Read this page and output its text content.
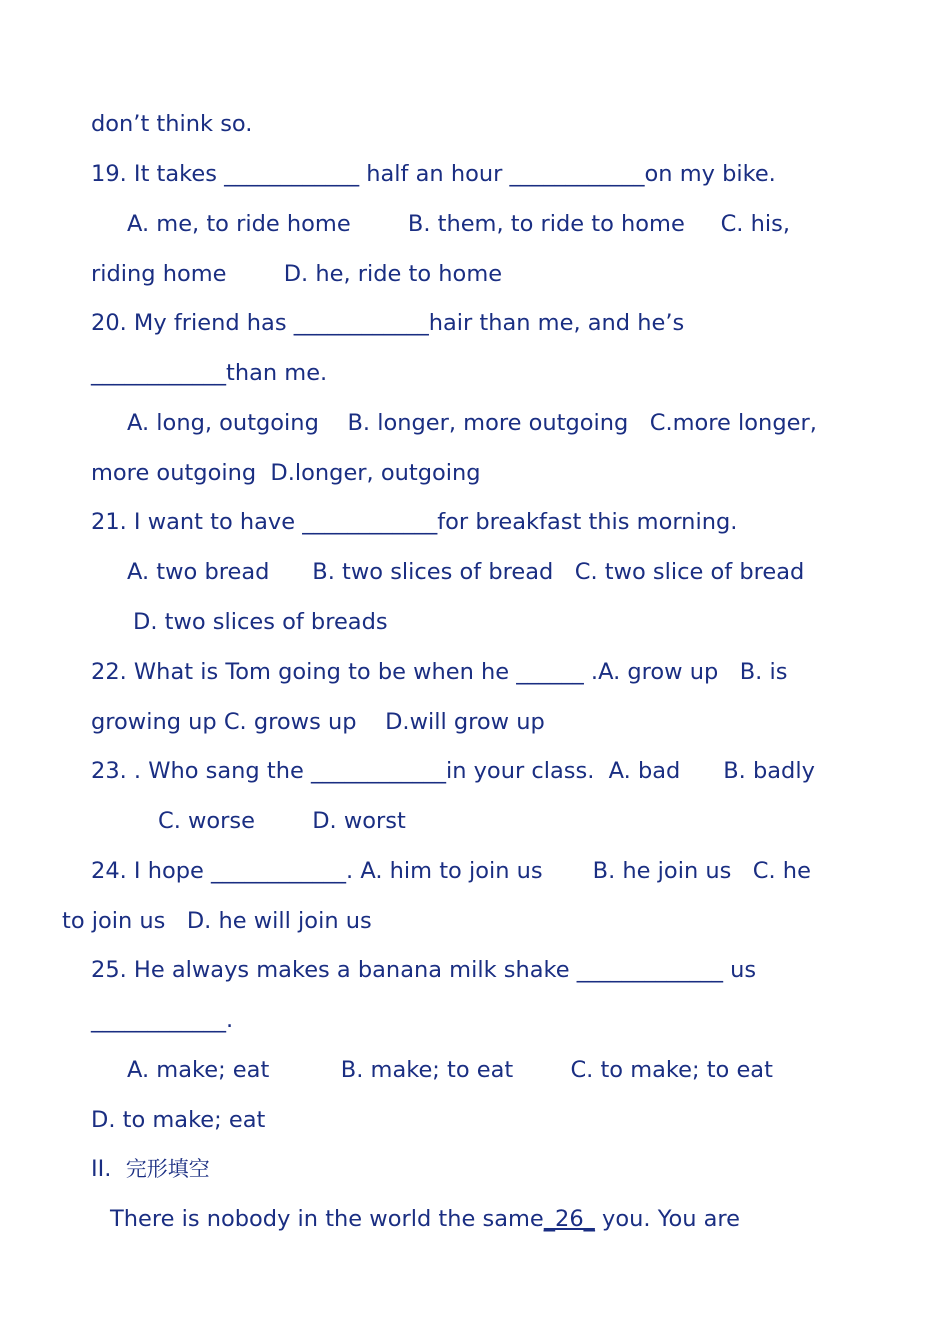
don’t think so.
19. It takes ____________ half an hour ____________on my bike.
A. me, to ride home        B. them, to ride to home     C. his,
riding home        D. he, ride to home
20. My friend has ____________hair than me, and he’s
____________than me.
A. long, outgoing    B. longer, more outgoing   C.more longer,
more outgoing  D.longer, outgoing
21. I want to have ____________for breakfast this morning.
A. two bread      B. two slices of bread   C. two slice of bread
D. two slices of breads
22. What is Tom going to be when he ______ .A. grow up   B. is
growing up C. grows up    D.will grow up
23. . Who sang the ____________in your class.  A. bad      B. badly
C. worse        D. worst
24. I hope ____________. A. him to join us       B. he join us   C. he
to join us   D. he will join us
25. He always makes a banana milk shake _____________ us
____________.
A. make; eat          B. make; to eat        C. to make; to eat
D. to make; eat
II. 完形填空
There is nobody in the world the same_26_ you. You are
